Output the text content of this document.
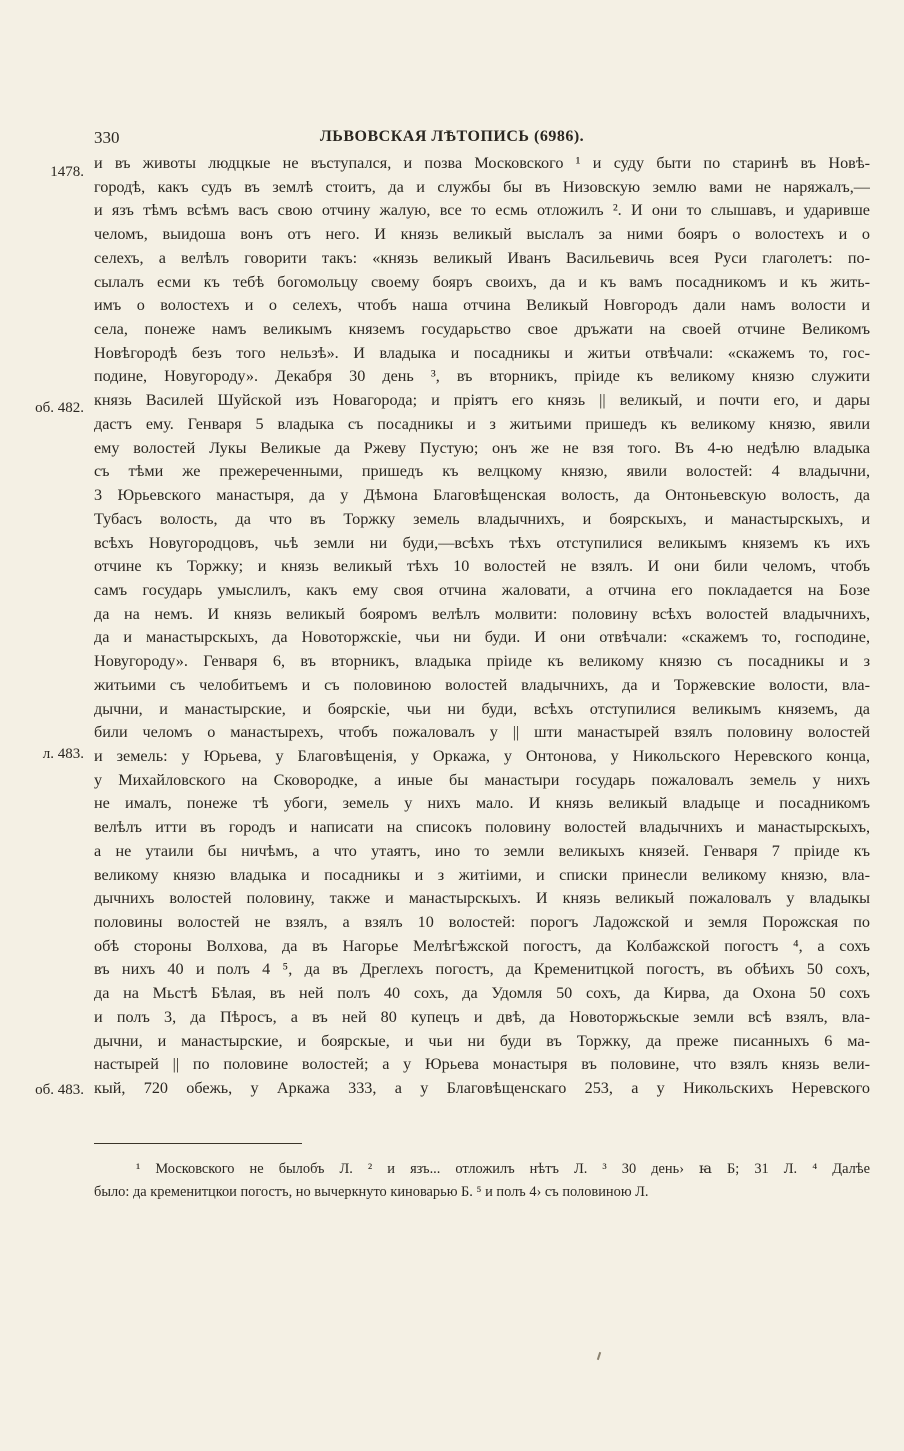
330	ЛЬВОВСКАЯ ЛѢТОПИСЬ (6986).
1478.
об. 482.
л. 483.
об. 483.
и въ животы людцкые не въступался, и позва Московского ¹ и суду быти по старинѣ въ Новѣ-
городѣ, какъ судъ въ землѣ стоитъ, да и службы бы въ Низовскую землю вами не наряжалъ,—
и язъ тѣмъ всѣмъ васъ свою отчину жалую, все то есмь отложилъ ². И они то слышавъ, и ударивше
челомъ, выидоша вонъ отъ него. И князь великый выслалъ за ними бояръ о волостехъ и о
селехъ, а велѣлъ говорити такъ: «князь великый Иванъ Васильевичь всея Руси глаголетъ: по-
сылалъ есми къ тебѣ богомольцу своему бояръ своихъ, да и къ вамъ посадникомъ и къ жить-
имъ о волостехъ и о селехъ, чтобъ наша отчина Великый Новгородъ дали намъ волости и
села, понеже намъ великымъ княземъ государьство свое дръжати на своей отчине Великомъ
Новѣгородѣ безъ того нельзѣ». И владыка и посадникы и житьи отвѣчали: «скажемъ то, гос-
подине, Новугороду». Декабря 30 день ³, въ вторникъ, пріиде къ великому князю служити
князь Василей Шуйской изъ Новагорода; и пріятъ его князь || великый, и почти его, и дары
дастъ ему. Генваря 5 владыка съ посадникы и з житьими пришедъ къ великому князю, явили
ему волостей Лукы Великые да Ржеву Пустую; онъ же не взя того. Въ 4-ю недѣлю владыка
съ тѣми же прежереченными, пришедъ къ велцкому князю, явили волостей: 4 владычни,
3 Юрьевского манастыря, да у Дѣмона Благовѣщенская волость, да Онтоньевскую волость, да
Тубасъ волость, да что въ Торжку земель владычнихъ, и боярскыхъ, и манастырскыхъ, и
всѣхъ Новугородцовъ, чьѣ земли ни буди,—всѣхъ тѣхъ отступилися великымъ княземъ къ ихъ
отчине къ Торжку; и князь великый тѣхъ 10 волостей не взялъ. И они били челомъ, чтобъ
самъ государь умыслилъ, какъ ему своя отчина жаловати, а отчина его покладается на Бозе
да на немъ. И князь великый бояромъ велѣлъ молвити: половину всѣхъ волостей владычнихъ,
да и манастырскыхъ, да Новоторжскіе, чьи ни буди. И они отвѣчали: «скажемъ то, господине,
Новугороду». Генваря 6, въ вторникъ, владыка пріиде къ великому князю съ посадникы и з
житьими съ челобитьемъ и съ половиною волостей владычнихъ, да и Торжевские волости, вла-
дычни, и манастырские, и боярскіе, чьи ни буди, всѣхъ отступилися великымъ княземъ, да
били челомъ о манастырехъ, чтобъ пожаловалъ у || шти манастырей взялъ половину волостей
и земель: у Юрьева, у Благовѣщенія, у Оркажа, у Онтонова, у Никольского Неревского конца,
у Михайловского на Сковородке, а иные бы манастыри государь пожаловалъ земель у нихъ
не ималъ, понеже тѣ убоги, земель у нихъ мало. И князь великый владыце и посадникомъ
велѣлъ итти въ городъ и написати на списокъ половину волостей владычнихъ и манастырскыхъ,
а не утаили бы ничѣмъ, а что утаятъ, ино то земли великыхъ князей. Генваря 7 пріиде къ
великому князю владыка и посадникы и з житіими, и списки принесли великому князю, вла-
дычнихъ волостей половину, также и манастырскыхъ. И князь великый пожаловалъ у владыкы
половины волостей не взялъ, а взялъ 10 волостей: порогъ Ладожской и земля Порожская по
обѣ стороны Волхова, да въ Нагорье Мелѣгѣжской погостъ, да Колбажской погостъ ⁴, а сохъ
въ нихъ 40 и полъ 4 ⁵, да въ Дреглехъ погостъ, да Кременитцкой погостъ, въ обѣихъ 50 сохъ,
да на Мьстѣ Бѣлая, въ ней полъ 40 сохъ, да Удомля 50 сохъ, да Кирва, да Охона 50 сохъ
и полъ 3, да Пѣросъ, а въ ней 80 купецъ и двѣ, да Новоторжьскые земли всѣ взялъ, вла-
дычни, и манастырские, и боярскые, и чьи ни буди въ Торжку, да преже писанныхъ 6 ма-
настырей || по половине волостей; а у Юрьева монастыря въ половине, что взялъ князь вели-
кый, 720 обежь, у Аркажа 333, а у Благовѣщенскаго 253, а у Никольскихъ Неревского
¹ Московского не былобъ Л. ² и язъ... отложилъ нѣтъ Л. ³ 30 день› ꙗ Б; 31 Л. ⁴ Далѣе
было: да кременитцкои погостъ, но вычеркнуто киноварью Б. ⁵ и полъ 4› съ половиною Л.
